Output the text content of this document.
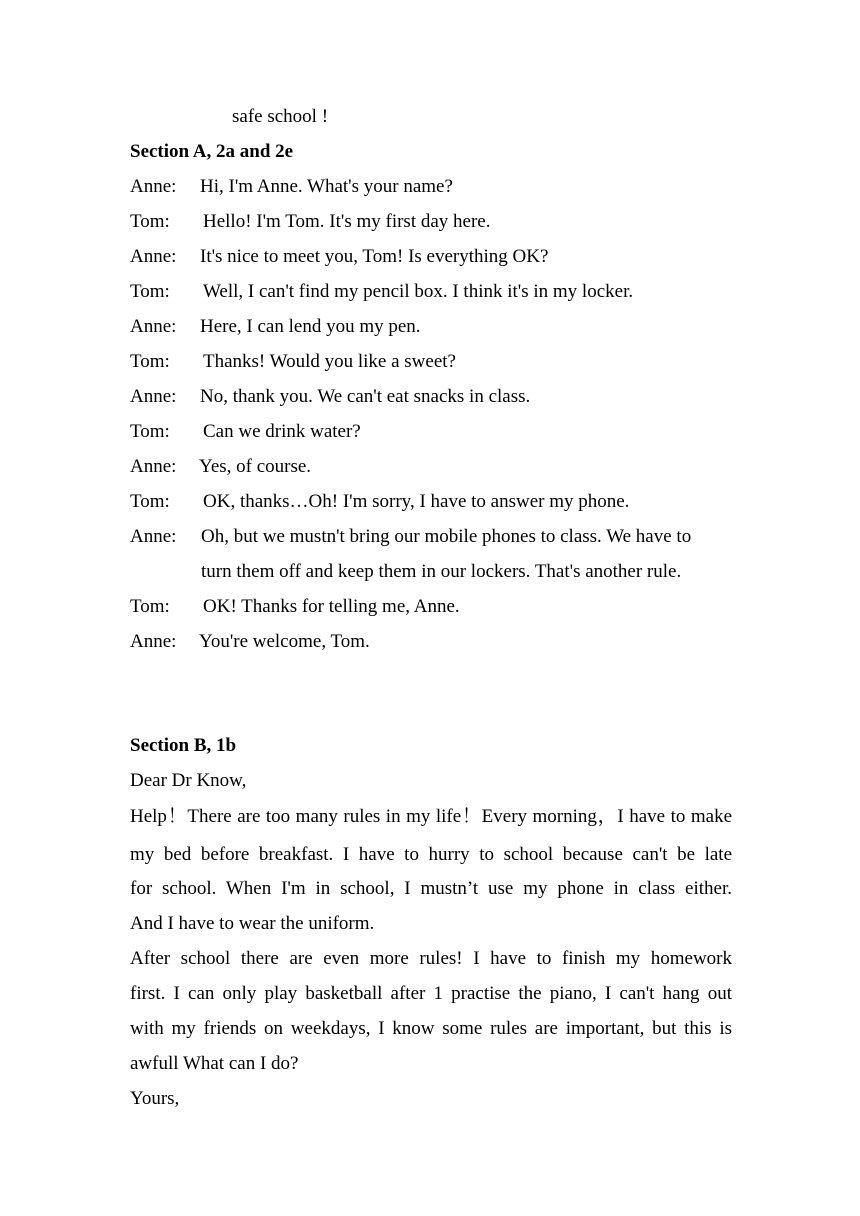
safe school !
Section A, 2a and 2e
Anne: Hi, I'm Anne. What's your name?
Tom: Hello! I'm Tom. It's my first day here.
Anne: It's nice to meet you, Tom! Is everything OK?
Tom: Well, I can't find my pencil box. I think it's in my locker.
Anne: Here, I can lend you my pen.
Tom: Thanks! Would you like a sweet?
Anne: No, thank you. We can't eat snacks in class.
Tom: Can we drink water?
Anne: Yes, of course.
Tom: OK, thanks…Oh! I'm sorry, I have to answer my phone.
Anne: Oh, but we mustn't bring our mobile phones to class. We have to
turn them off and keep them in our lockers. That's another rule.
Tom: OK! Thanks for telling me, Anne.
Anne: You're welcome, Tom.
Section B, 1b
Dear Dr Know,
Help！There are too many rules in my life！Every morning，I have to make
my bed before breakfast. I have to hurry to school because can't be late
for school. When I'm in school, I mustn’t use my phone in class either.
And I have to wear the uniform.
After school there are even more rules! I have to finish my homework
first. I can only play basketball after 1 practise the piano, I can't hang out
with my friends on weekdays, I know some rules are important, but this is
awfull What can I do?
Yours,
